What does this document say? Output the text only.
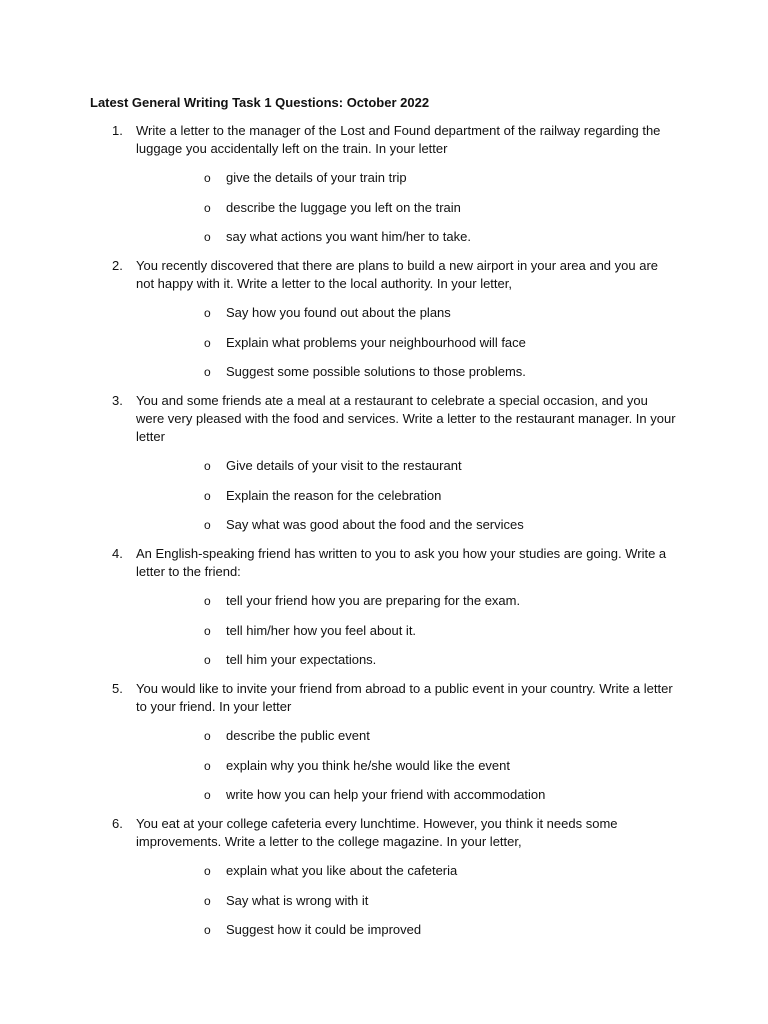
Latest General Writing Task 1 Questions: October 2022
1. Write a letter to the manager of the Lost and Found department of the railway regarding the luggage you accidentally left on the train. In your letter

o give the details of your train trip
o describe the luggage you left on the train
o say what actions you want him/her to take.
2. You recently discovered that there are plans to build a new airport in your area and you are not happy with it. Write a letter to the local authority. In your letter,

o Say how you found out about the plans
o Explain what problems your neighbourhood will face
o Suggest some possible solutions to those problems.
3. You and some friends ate a meal at a restaurant to celebrate a special occasion, and you were very pleased with the food and services. Write a letter to the restaurant manager. In your letter

o Give details of your visit to the restaurant
o Explain the reason for the celebration
o Say what was good about the food and the services
4. An English-speaking friend has written to you to ask you how your studies are going. Write a letter to the friend:

o tell your friend how you are preparing for the exam.
o tell him/her how you feel about it.
o tell him your expectations.
5. You would like to invite your friend from abroad to a public event in your country. Write a letter to your friend. In your letter

o describe the public event
o explain why you think he/she would like the event
o write how you can help your friend with accommodation
6. You eat at your college cafeteria every lunchtime. However, you think it needs some improvements. Write a letter to the college magazine. In your letter,

o explain what you like about the cafeteria
o Say what is wrong with it
o Suggest how it could be improved
